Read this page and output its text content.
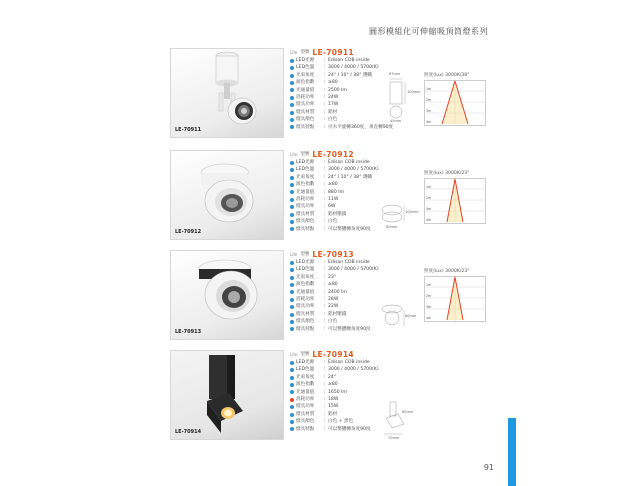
圓形模組化可伸縮吸頂筒燈系列
LE-70911
Lite 型號 LE-70911
LED光源	: Edison COB inside
LED色溫	: 3000 / 4000 / 5700(K)
光束角度	: 24° / 10° / 38° 選購
演色指數	: ≥80
光通量值	: 2500 lm
消耗功率	: 24W
燈具功率	: 17W
燈具材質	: 鋁材
燈具顏色	: 白色
燈具特點	: 可水平旋轉360度，垂直轉90度
67mm
100mm
45mm
照度(lux) 3000K/38°
1m
2m
3m
4m
LE-70912
Lite 型號 LE-70912
LED光源	: Edison COB inside
LED色溫	: 3000 / 4000 / 5700(K)
光束角度	: 24° / 10° / 38° 選購
演色指數	: ≥80
光通量值	: 880 lm
消耗功率	: 11W
燈具功率	: 6W
燈具材質	: 鋁材壓鑄
燈具顏色	: 白色
燈具特點	: 可以整體轉角度90度
100mm
80mm
照度(lux) 3000K/23°
1m
2m
3m
4m
LE-70913
Lite 型號 LE-70913
LED光源	: Edison COB inside
LED色溫	: 3000 / 4000 / 5700(K)
光束角度	: 23°
演色指數	: ≥80
光通量值	: 2400 lm
消耗功率	: 28W
燈具功率	: 22W
燈具材質	: 鋁材壓鑄
燈具顏色	: 白色
燈具特點	: 可以整體轉角度90度
80mm
照度(lux) 3000K/23°
1m
2m
3m
4m
LE-70914
Lite 型號 LE-70914
LED光源	: Edison COB inside
LED色溫	: 3000 / 4000 / 5700(K)
光束角度	: 24°
演色指數	: ≥80
光通量值	: 1650 lm
消耗功率	: 18W
燈具功率	: 15W
燈具材質	: 鋁材
燈具顏色	: 白色 + 黑色
燈具特點	: 可以整體轉角度90度
80mm
70mm
91
